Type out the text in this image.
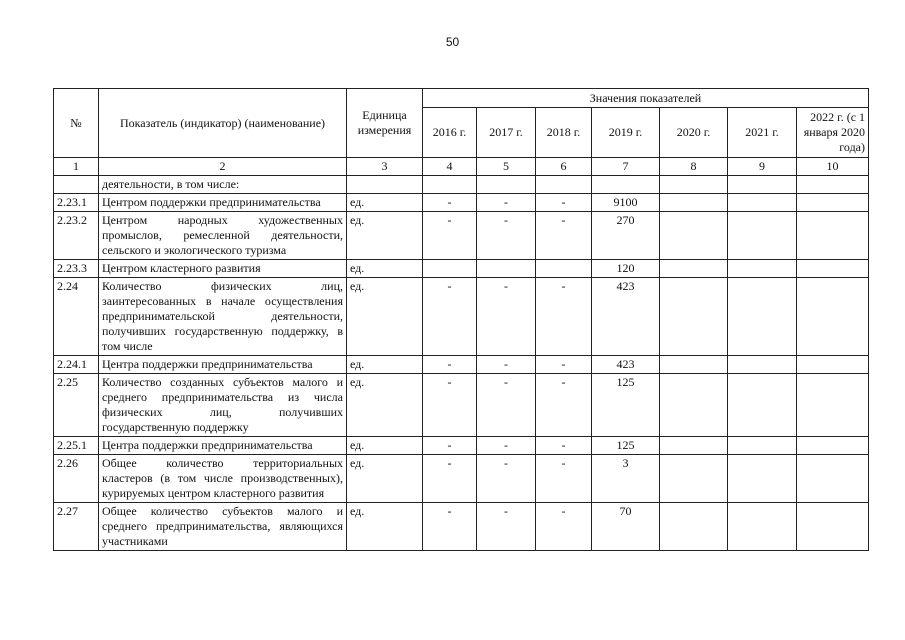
50
№	Показатель (индикатор) (наименование)	Единица измерения	Значения показателей						
			2016 г.	2017 г.	2018 г.	2019 г.	2020 г.	2021 г.	2022 г. (с 1 января 2020 года)
1	2	3	4	5	6	7	8	9	10
	деятельности, в том числе:								
2.23.1	Центром поддержки предпринимательства	ед.	-	-	-	9100			
2.23.2	Центром народных художественных промыслов, ремесленной деятельности, сельского и экологического туризма	ед.	-	-	-	270			
2.23.3	Центром кластерного развития	ед.				120			
2.24	Количество физических лиц, заинтересованных в начале осуществления предпринимательской деятельности, получивших государственную поддержку, в том числе	ед.	-	-	-	423			
2.24.1	Центра поддержки предпринимательства	ед.	-	-	-	423			
2.25	Количество созданных субъектов малого и среднего предпринимательства из числа физических лиц, получивших государственную поддержку	ед.	-	-	-	125			
2.25.1	Центра поддержки предпринимательства	ед.	-	-	-	125			
2.26	Общее количество территориальных кластеров (в том числе производственных), курируемых центром кластерного развития	ед.	-	-	-	3			
2.27	Общее количество субъектов малого и среднего предпринимательства, являющихся участниками	ед.	-	-	-	70			
